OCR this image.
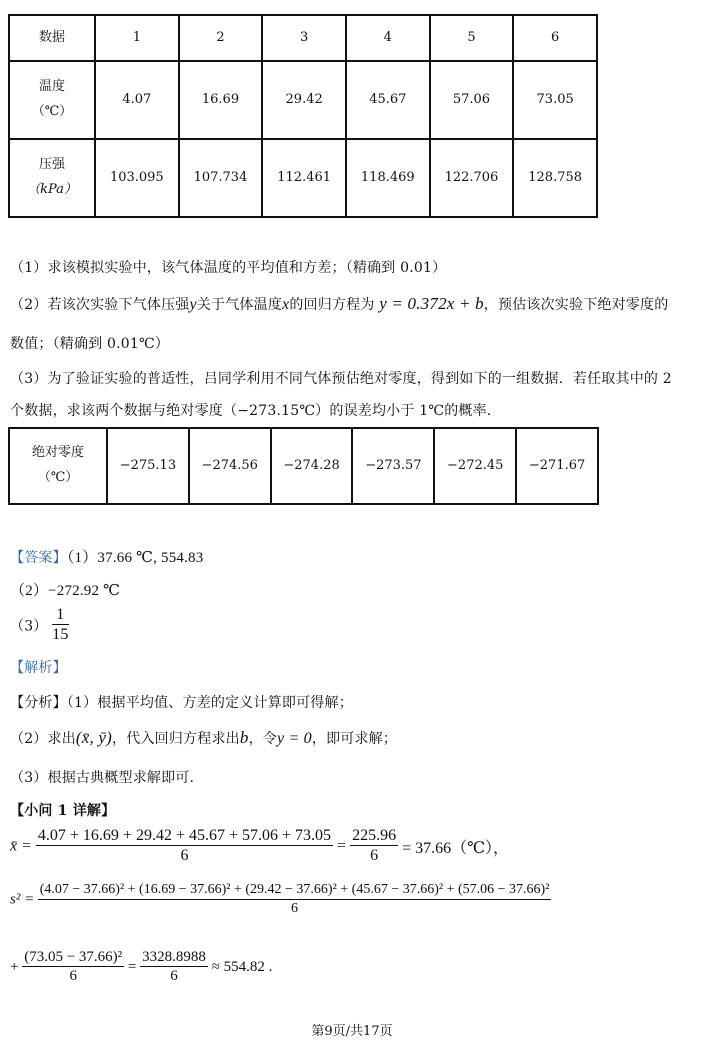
数据	1	2	3	4	5	6

温度
（℃）	4.07	16.69	29.42	45.67	57.06	73.05

压强
（kPa）	103.095	107.734	112.461	118.469	122.706	128.758
（1）求该模拟实验中，该气体温度的平均值和方差；（精确到 0.01）
（2）若该次实验下气体压强y关于气体温度x的回归方程为 y = 0.372x + b，预估该次实验下绝对零度的
数值；（精确到 0.01℃）
（3）为了验证实验的普适性，吕同学利用不同气体预估绝对零度，得到如下的一组数据．若任取其中的 2
个数据，求该两个数据与绝对零度（−273.15℃）的误差均小于 1℃的概率.
绝对零度
（℃）
	−275.13	−274.56	−274.28	−273.57	−272.45	−271.67
【答案】（1）37.66 ℃, 554.83
（2）−272.92 ℃
$(3) \frac{1}{15}$
【解析】
【分析】（1）根据平均值、方差的定义计算即可得解；
（2）求出(x̄, ȳ)，代入回归方程求出b，令y = 0，即可求解；
（3）根据古典概型求解即可.
【小问 1 详解】
x̄ = $\frac{4.07 + 16.69 + 29.42 + 45.67 + 57.06 + 73.05}{6} = \frac{225.96}{6}$ = 37.66（℃），
s² =
(4.07 − 37.66)² + (16.69 − 37.66)² + (29.42 − 37.66)² + (45.67 − 37.66)² + (57.06 − 37.66)²
6
+ $\frac{\text{(73.05 − 37.66)²}}{6} = \frac{3328.8988}{6} \approx 554.82$ .
第9页/共17页
